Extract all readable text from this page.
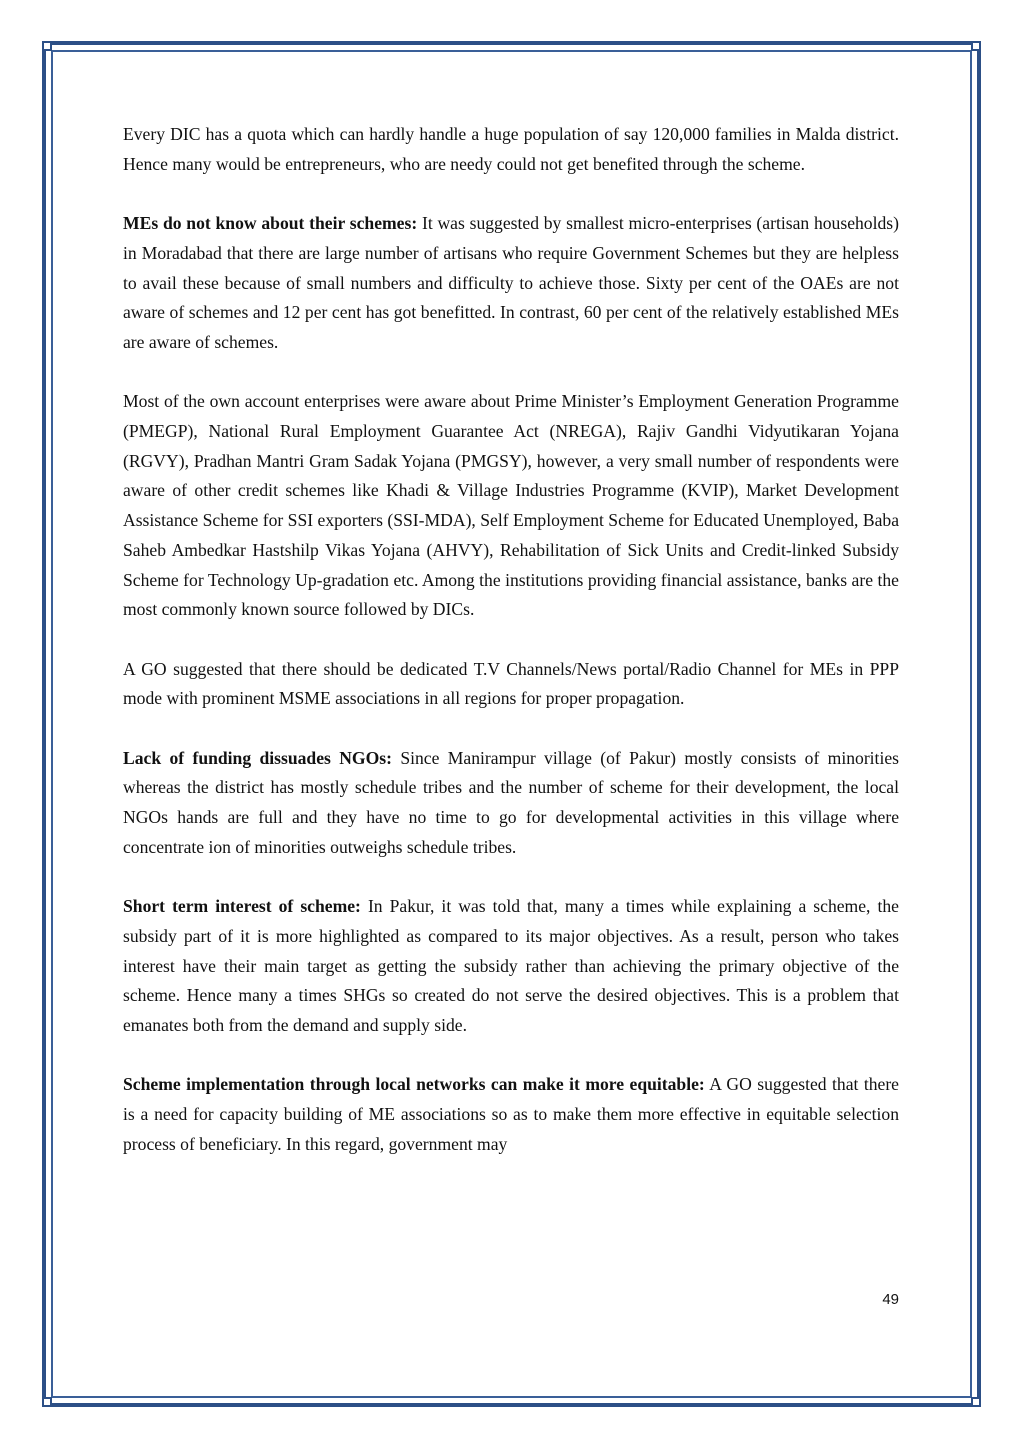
Every DIC has a quota which can hardly handle a huge population of say 120,000 families in Malda district. Hence many would be entrepreneurs, who are needy could not get benefited through the scheme.

MEs do not know about their schemes: It was suggested by smallest micro-enterprises (artisan households) in Moradabad that there are large number of artisans who require Government Schemes but they are helpless to avail these because of small numbers and difficulty to achieve those. Sixty per cent of the OAEs are not aware of schemes and 12 per cent has got benefitted. In contrast, 60 per cent of the relatively established MEs are aware of schemes.

Most of the own account enterprises were aware about Prime Minister’s Employment Generation Programme (PMEGP), National Rural Employment Guarantee Act (NREGA), Rajiv Gandhi Vidyutikaran Yojana (RGVY), Pradhan Mantri Gram Sadak Yojana (PMGSY), however, a very small number of respondents were aware of other credit schemes like Khadi & Village Industries Programme (KVIP), Market Development Assistance Scheme for SSI exporters (SSI-MDA), Self Employment Scheme for Educated Unemployed, Baba Saheb Ambedkar Hastshilp Vikas Yojana (AHVY), Rehabilitation of Sick Units and Credit-linked Subsidy Scheme for Technology Up-gradation etc. Among the institutions providing financial assistance, banks are the most commonly known source followed by DICs.

A GO suggested that there should be dedicated T.V Channels/News portal/Radio Channel for MEs in PPP mode with prominent MSME associations in all regions for proper propagation.

Lack of funding dissuades NGOs: Since Manirampur village (of Pakur) mostly consists of minorities whereas the district has mostly schedule tribes and the number of scheme for their development, the local NGOs hands are full and they have no time to go for developmental activities in this village where concentrate ion of minorities outweighs schedule tribes.

Short term interest of scheme: In Pakur, it was told that, many a times while explaining a scheme, the subsidy part of it is more highlighted as compared to its major objectives. As a result, person who takes interest have their main target as getting the subsidy rather than achieving the primary objective of the scheme. Hence many a times SHGs so created do not serve the desired objectives. This is a problem that emanates both from the demand and supply side.

Scheme implementation through local networks can make it more equitable: A GO suggested that there is a need for capacity building of ME associations so as to make them more effective in equitable selection process of beneficiary. In this regard, government may

49
